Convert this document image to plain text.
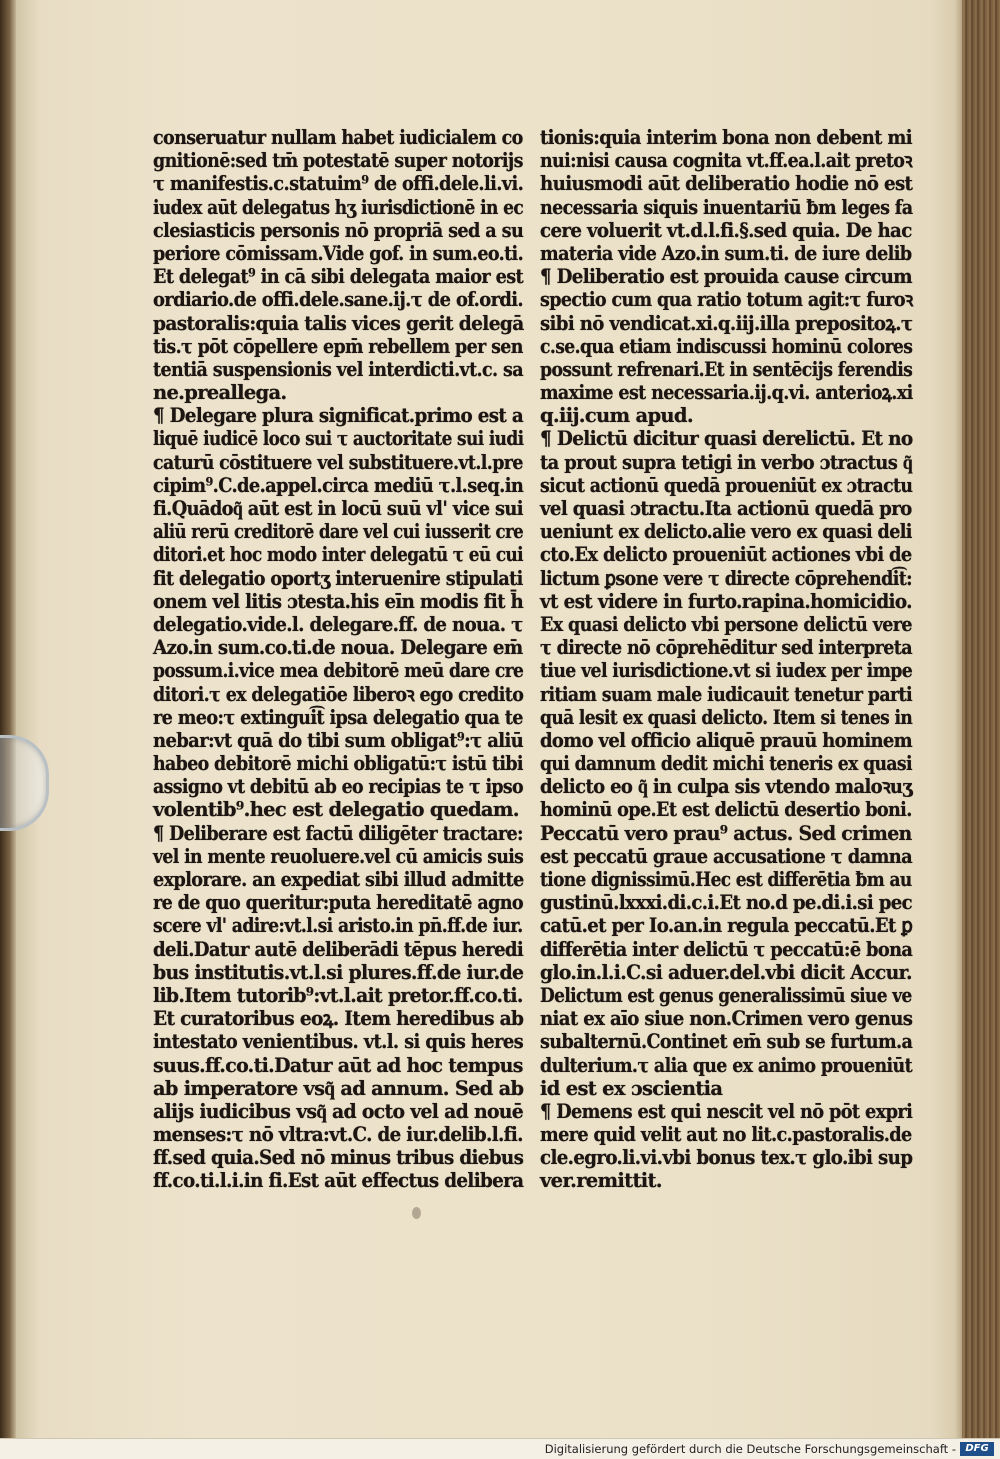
conseruatur nullam habet iudicialem co
gnitionē:sed tm̄ potestatē super notorijs
τ manifestis.c.statuim⁹ de offi.dele.li.vi.
iudex aūt delegatus hʒ iurisdictionē in ec
clesiasticis personis nō propriā sed a su
periore cōmissam.Vide gof. in sum.eo.ti.
Et delegat⁹ in cā sibi delegata maior est
ordiario.de offi.dele.sane.ij.τ de of.ordi.
pastoralis:quia talis vices gerit delegā
tis.τ pōt cōpellere epm̄ rebellem per sen
tentiā suspensionis vel interdicti.vt.c. sa
ne.preallega.
¶ Delegare plura significat.primo est a
liquē iudicē loco sui τ auctoritate sui iudi
caturū cōstituere vel substituere.vt.l.pre
cipim⁹.C.de.appel.circa mediū τ.l.seq.in
fi.Quādoq͂ aūt est in locū suū vl' vice sui
aliū rerū creditorē dare vel cui iusserit cre
ditori.et hoc modo inter delegatū τ eū cui
fit delegatio oportʒ interuenire stipulati
onem vel litis ɔtesta.his eīn modis fit h̄
delegatio.vide.l. delegare.ff. de noua. τ
Azo.in sum.co.ti.de noua. Delegare em̄
possum.i.vice mea debitorē meū dare cre
ditori.τ ex delegatiōe liberoꝛ ego credito
re meo:τ extingui͡t ipsa delegatio qua te
nebar:vt quā do tibi sum obligat⁹:τ aliū
habeo debitorē michi obligatū:τ istū tibi
assigno vt debitū ab eo recipias te τ ipso
volentib⁹.hec est delegatio quedam.
¶ Deliberare est factū diligēter tractare:
vel in mente reuoluere.vel cū amicis suis
explorare. an expediat sibi illud admitte
re de quo queritur:puta hereditatē agno
scere vl' adire:vt.l.si aristo.in pn̄.ff.de iur.
deli.Datur autē deliberādi tēpus heredi
bus institutis.vt.l.si plures.ff.de iur.de
lib.Item tutorib⁹:vt.l.ait pretor.ff.co.ti.
Et curatoribus eoꝝ. Item heredibus ab
intestato venientibus. vt.l. si quis heres
suus.ff.co.ti.Datur aūt ad hoc tempus
ab imperatore vsq͂ ad annum. Sed ab
alijs iudicibus vsq͂ ad octo vel ad nouē
menses:τ nō vltra:vt.C. de iur.delib.l.fi.
ff.sed quia.Sed nō minus tribus diebus
ff.co.ti.l.i.in fi.Est aūt effectus delibera
tionis:quia interim bona non debent mi
nui:nisi causa cognita vt.ff.ea.l.ait pretoꝛ
huiusmodi aūt deliberatio hodie nō est
necessaria siquis inuentariū ƀm leges fa
cere voluerit vt.d.l.fi.§.sed quia. De hac
materia vide Azo.in sum.ti. de iure delib
¶ Deliberatio est prouida cause circum
spectio cum qua ratio totum agit:τ furoꝛ
sibi nō vendicat.xi.q.iij.illa prepositoꝝ.τ
c.se.qua etiam indiscussi hominū colores
possunt refrenari.Et in sentēcijs ferendis
maxime est necessaria.ij.q.vi. anterioꝝ.xi
q.iij.cum apud.
¶ Delictū dicitur quasi derelictū. Et no
ta prout supra tetigi in verbo ɔtractus q͂
sicut actionū quedā proueniūt ex ɔtractu
vel quasi ɔtractu.Ita actionū quedā pro
ueniunt ex delicto.alie vero ex quasi deli
cto.Ex delicto proueniūt actiones vbi de
lictum ꝑsone vere τ directe cōprehendi͡t:
vt est videre in furto.rapina.homicidio.
Ex quasi delicto vbi persone delictū vere
τ directe nō cōprehēditur sed interpreta
tiue vel iurisdictione.vt si iudex per impe
ritiam suam male iudicauit tenetur parti
quā lesit ex quasi delicto. Item si tenes in
domo vel officio aliquē prauū hominem
qui damnum dedit michi teneris ex quasi
delicto eo q͂ in culpa sis vtendo maloꝛuʒ
hominū ope.Et est delictū desertio boni.
Peccatū vero prau⁹ actus. Sed crimen
est peccatū graue accusatione τ damna
tione dignissimū.Hec est differētia ƀm au
gustinū.lxxxi.di.c.i.Et no.d pe.di.i.si pec
catū.et per Io.an.in regula peccatū.Et ꝑ
differētia inter delictū τ peccatū:ē bona
glo.in.l.i.C.si aduer.del.vbi dicit Accur.
Delictum est genus generalissimū siue ve
niat ex aīo siue non.Crimen vero genus
subalternū.Continet em̄ sub se furtum.a
dulterium.τ alia que ex animo proueniūt
id est ex ɔscientia
¶ Demens est qui nescit vel nō pōt expri
mere quid velit aut no lit.c.pastoralis.de
cle.egro.li.vi.vbi bonus tex.τ glo.ibi sup
ver.remittit.
Digitalisierung gefördert durch die Deutsche Forschungsgemeinschaft - DFG
